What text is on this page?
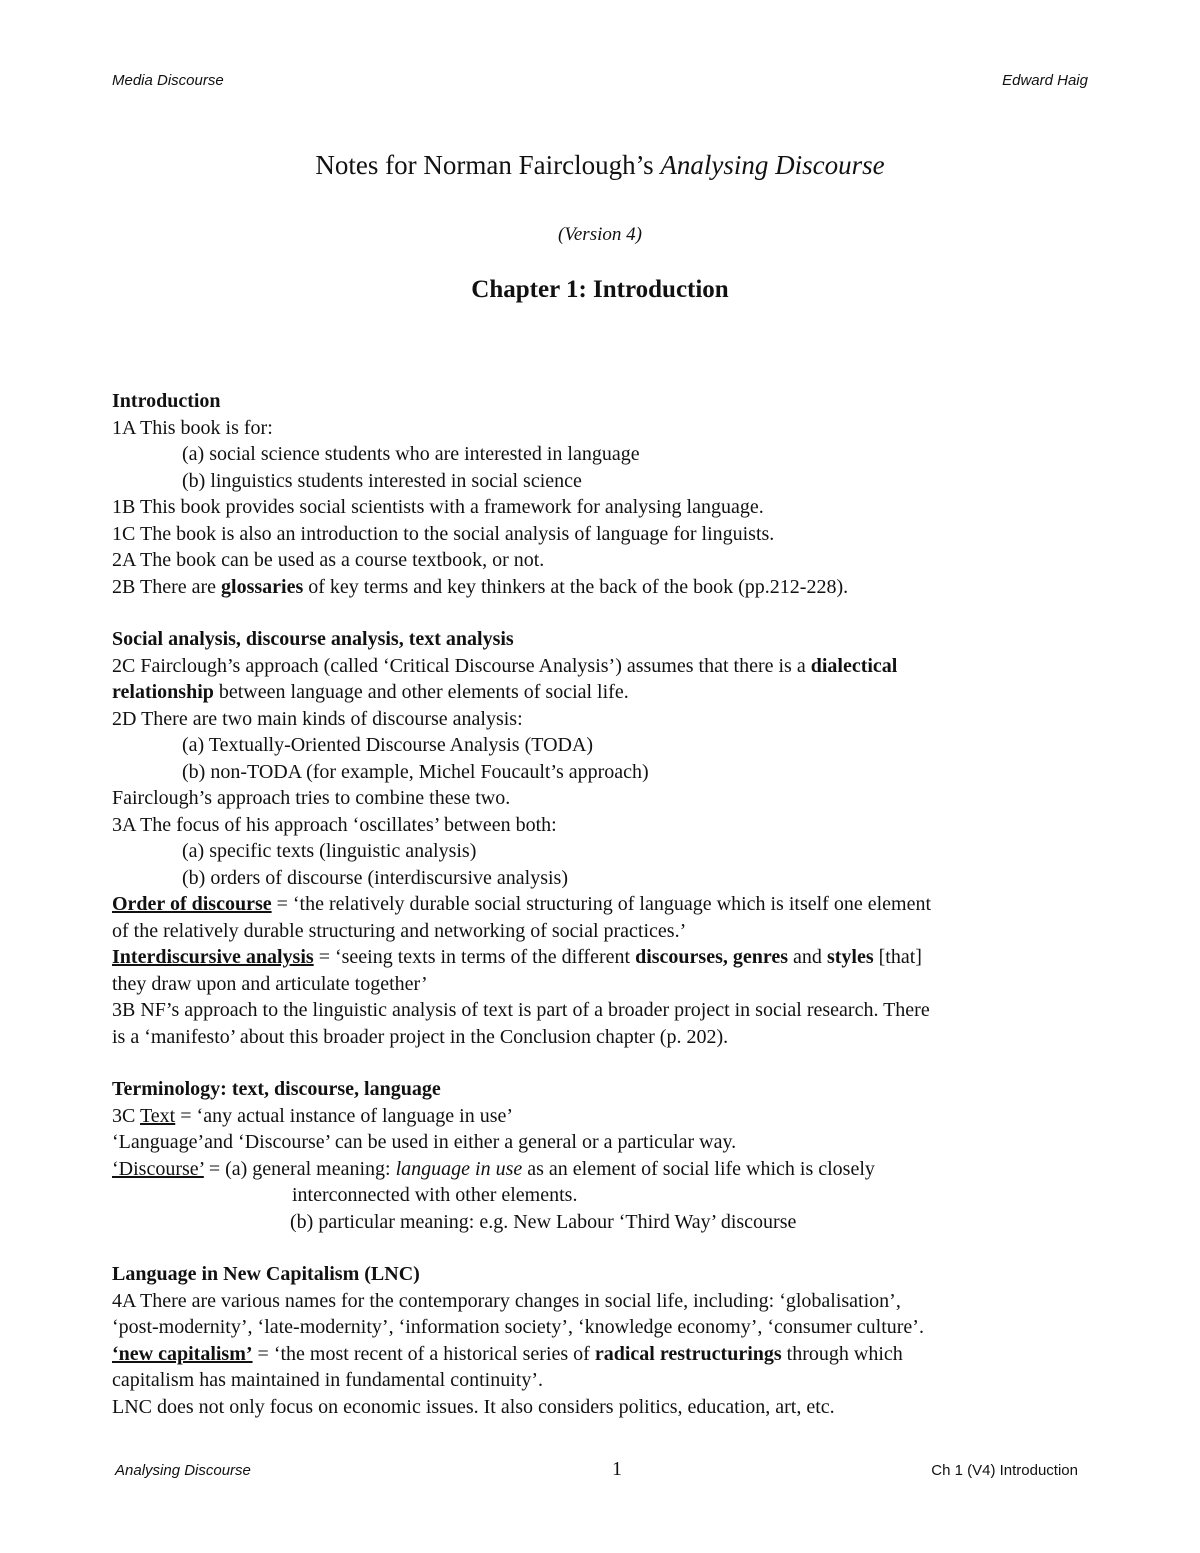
Media Discourse	Edward Haig
Notes for Norman Fairclough’s Analysing Discourse
(Version 4)
Chapter 1: Introduction
Introduction
1A This book is for:
(a) social science students who are interested in language
(b) linguistics students interested in social science
1B This book provides social scientists with a framework for analysing language.
1C The book is also an introduction to the social analysis of language for linguists.
2A The book can be used as a course textbook, or not.
2B There are glossaries of key terms and key thinkers at the back of the book (pp.212-228).
Social analysis, discourse analysis, text analysis
2C Fairclough’s approach (called ‘Critical Discourse Analysis’) assumes that there is a dialectical
relationship between language and other elements of social life.
2D There are two main kinds of discourse analysis:
(a) Textually-Oriented Discourse Analysis (TODA)
(b) non-TODA (for example, Michel Foucault’s approach)
Fairclough’s approach tries to combine these two.
3A The focus of his approach ‘oscillates’ between both:
(a) specific texts (linguistic analysis)
(b) orders of discourse (interdiscursive analysis)
Order of discourse = ‘the relatively durable social structuring of language which is itself one element
of the relatively durable structuring and networking of social practices.’
Interdiscursive analysis = ‘seeing texts in terms of the different discourses, genres and styles [that]
they draw upon and articulate together’
3B NF’s approach to the linguistic analysis of text is part of a broader project in social research. There
is a ‘manifesto’ about this broader project in the Conclusion chapter (p. 202).
Terminology: text, discourse, language
3C Text = ‘any actual instance of language in use’
‘Language’and ‘Discourse’ can be used in either a general or a particular way.
‘Discourse’ = (a) general meaning: language in use as an element of social life which is closely
interconnected with other elements.
(b) particular meaning: e.g. New Labour ‘Third Way’ discourse
Language in New Capitalism (LNC)
4A There are various names for the contemporary changes in social life, including: ‘globalisation’,
‘post-modernity’, ‘late-modernity’, ‘information society’, ‘knowledge economy’, ‘consumer culture’.
‘new capitalism’ = ‘the most recent of a historical series of radical restructurings through which
capitalism has maintained in fundamental continuity’.
LNC does not only focus on economic issues. It also considers politics, education, art, etc.
Analysing Discourse	1	Ch 1 (V4) Introduction
